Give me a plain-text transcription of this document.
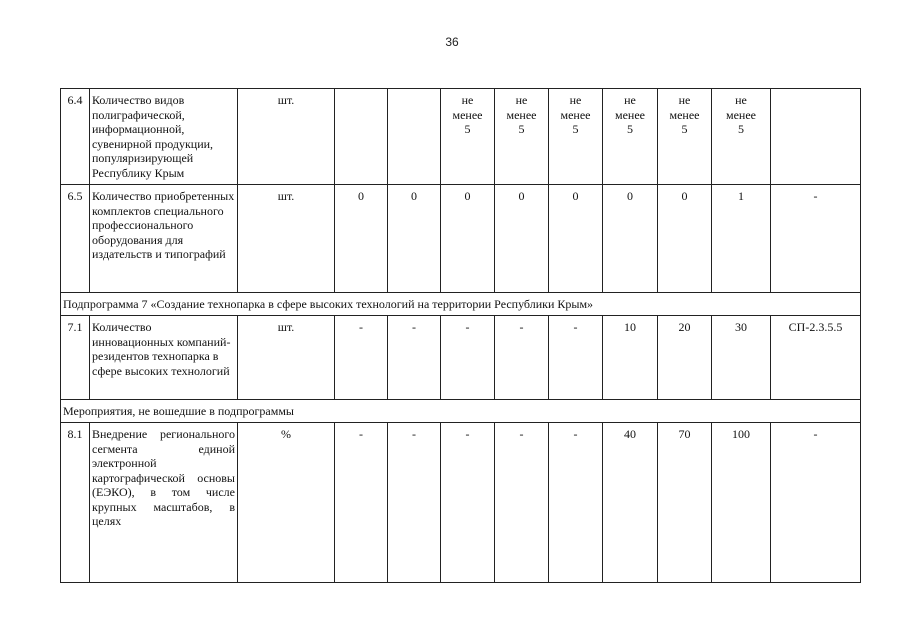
36
6.4	Количество видов полиграфической, информационной, сувенирной продукции, популяризирующей Республику Крым	шт.			не
менее
5	не
менее
5	не
менее
5	не
менее
5	не
менее
5	не
менее
5	
6.5	Количество приобретенных комплектов специального профессионального оборудования для издательств и типографий	шт.	0	0	0	0	0	0	0	1	-
Подпрограмма 7 «Создание технопарка в сфере высоких технологий на территории Республики Крым»											
7.1	Количество инновационных компаний-резидентов технопарка в сфере высоких технологий	шт.	-	-	-	-	-	10	20	30	СП-2.3.5.5
Мероприятия, не вошедшие в подпрограммы											
8.1	Внедрение регионального сегмента единой электронной картографической основы (ЕЭКО), в том числе крупных масштабов, в целях	%	-	-	-	-	-	40	70	100	-
